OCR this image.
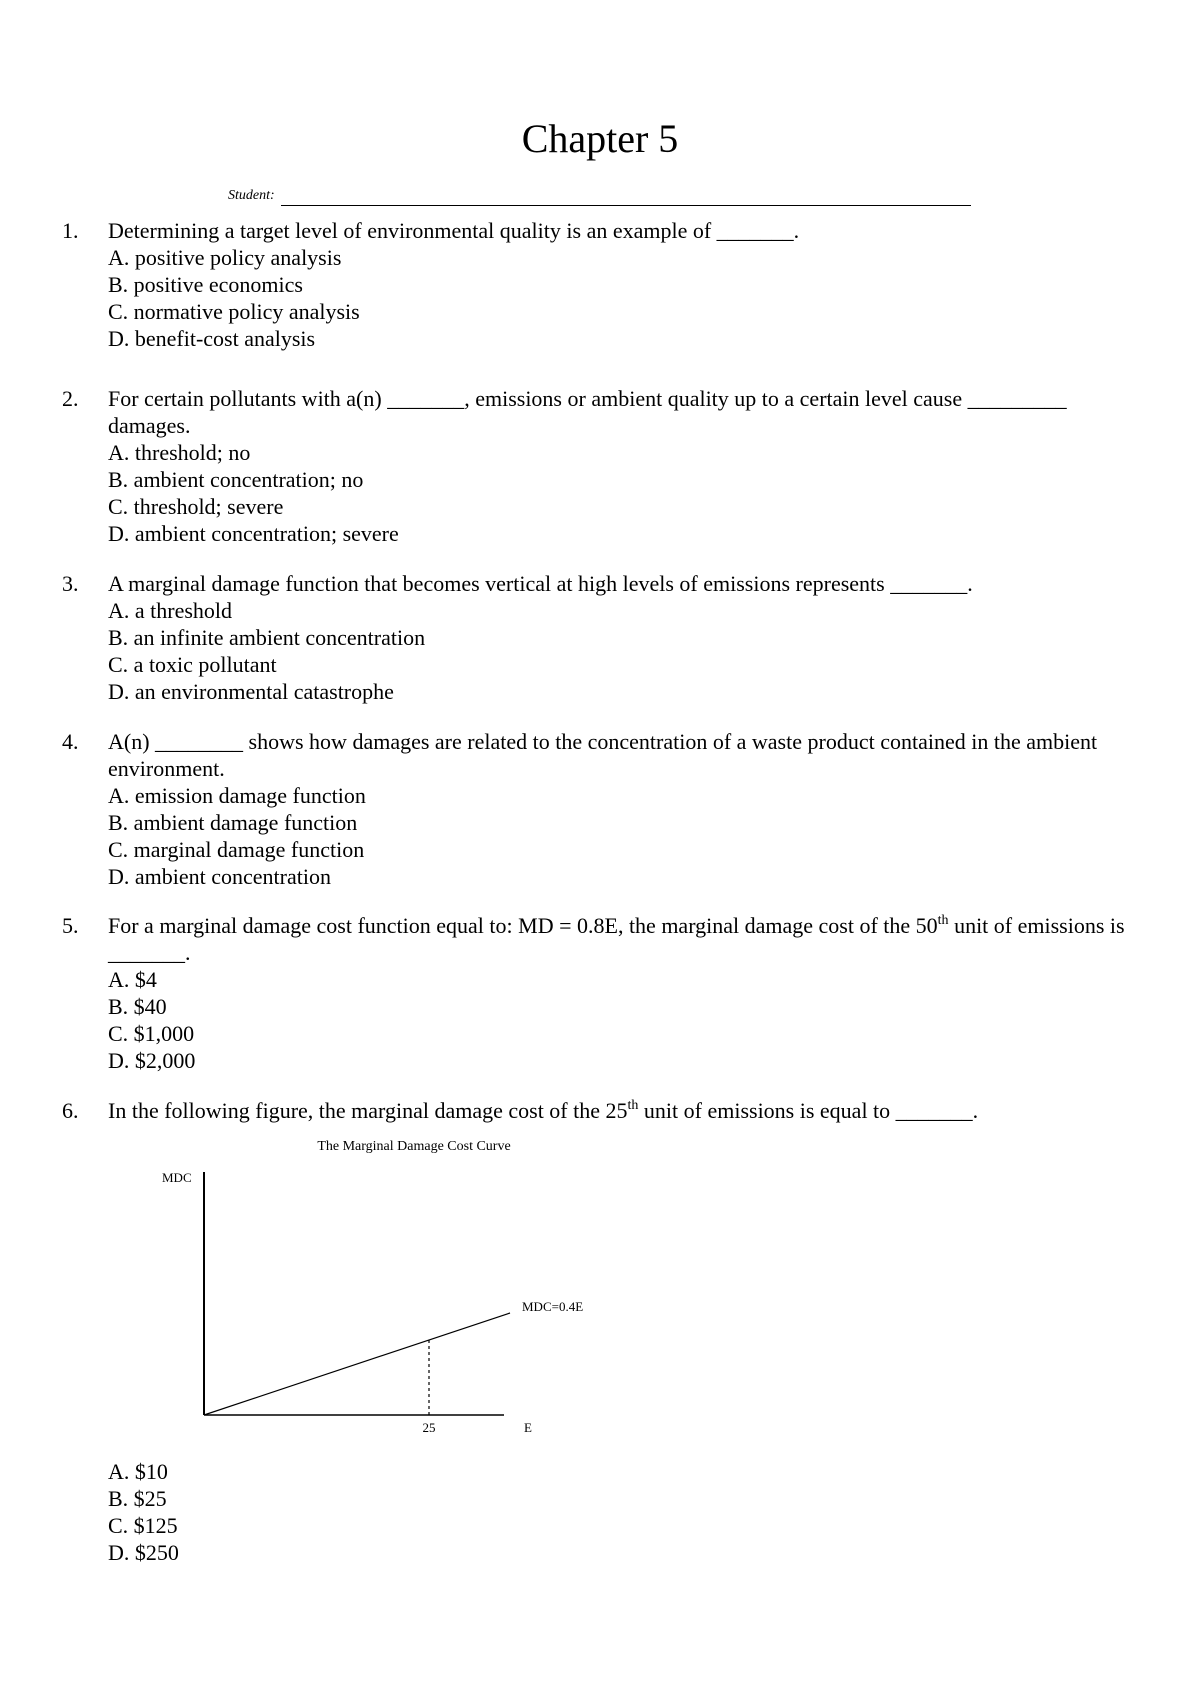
Chapter 5
Student:
1.	Determining a target level of environmental quality is an example of _______.
A. positive policy analysis
B. positive economics
C. normative policy analysis
D. benefit-cost analysis
2.	For certain pollutants with a(n) _______, emissions or ambient quality up to a certain level cause _________ damages.
A. threshold; no
B. ambient concentration; no
C. threshold; severe
D. ambient concentration; severe
3.	A marginal damage function that becomes vertical at high levels of emissions represents _______.
A. a threshold
B. an infinite ambient concentration
C. a toxic pollutant
D. an environmental catastrophe
4.	A(n) ________ shows how damages are related to the concentration of a waste product contained in the ambient environment.
A. emission damage function
B. ambient damage function
C. marginal damage function
D. ambient concentration
5.	For a marginal damage cost function equal to: MD = 0.8E, the marginal damage cost of the 50th unit of emissions is _______.
A. $4
B. $40
C. $1,000
D. $2,000
6.	In the following figure, the marginal damage cost of the 25th unit of emissions is equal to _______.
The Marginal Damage Cost Curve
MDC
E
MDC=0.4E
25
A. $10
B. $25
C. $125
D. $250
